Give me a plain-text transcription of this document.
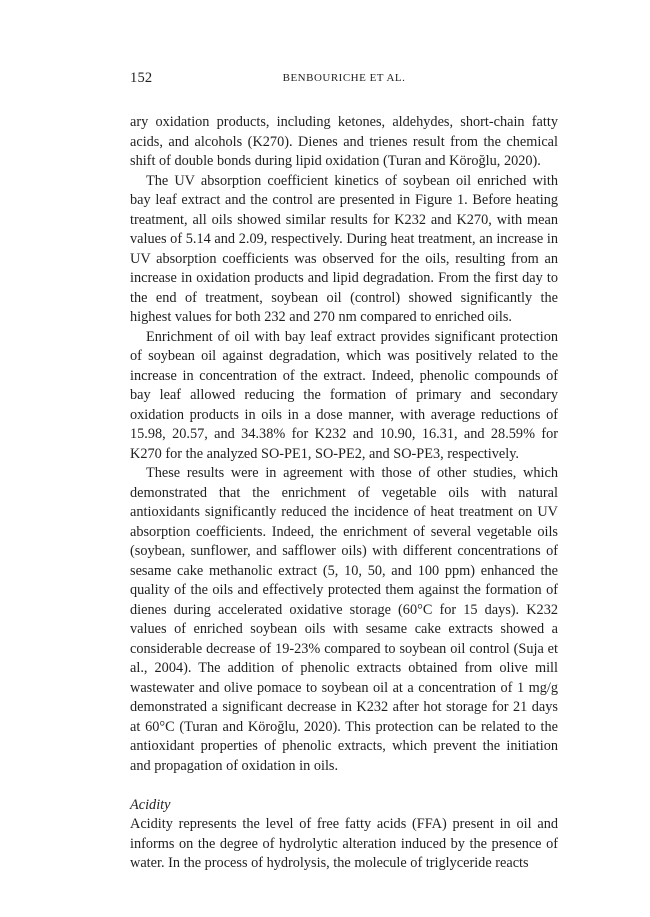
152	BENBOURICHE ET AL.

ary oxidation products, including ketones, aldehydes, short-chain fatty acids, and alcohols (K270). Dienes and trienes result from the chemical shift of double bonds during lipid oxidation (Turan and Köroğlu, 2020).

The UV absorption coefficient kinetics of soybean oil enriched with bay leaf extract and the control are presented in Figure 1. Before heating treatment, all oils showed similar results for K232 and K270, with mean values of 5.14 and 2.09, respectively. During heat treatment, an increase in UV absorption coefficients was observed for the oils, resulting from an increase in oxidation products and lipid degradation. From the first day to the end of treatment, soybean oil (control) showed significantly the highest values for both 232 and 270 nm compared to enriched oils.

Enrichment of oil with bay leaf extract provides significant protection of soybean oil against degradation, which was positively related to the increase in concentration of the extract. Indeed, phenolic compounds of bay leaf allowed reducing the formation of primary and secondary oxidation products in oils in a dose manner, with average reductions of 15.98, 20.57, and 34.38% for K232 and 10.90, 16.31, and 28.59% for K270 for the analyzed SO-PE1, SO-PE2, and SO-PE3, respectively.

These results were in agreement with those of other studies, which demonstrated that the enrichment of vegetable oils with natural antioxidants significantly reduced the incidence of heat treatment on UV absorption coefficients. Indeed, the enrichment of several vegetable oils (soybean, sunflower, and safflower oils) with different concentrations of sesame cake methanolic extract (5, 10, 50, and 100 ppm) enhanced the quality of the oils and effectively protected them against the formation of dienes during accelerated oxidative storage (60°C for 15 days). K232 values of enriched soybean oils with sesame cake extracts showed a considerable decrease of 19-23% compared to soybean oil control (Suja et al., 2004). The addition of phenolic extracts obtained from olive mill wastewater and olive pomace to soybean oil at a concentration of 1 mg/g demonstrated a significant decrease in K232 after hot storage for 21 days at 60°C (Turan and Köroğlu, 2020). This protection can be related to the antioxidant properties of phenolic extracts, which prevent the initiation and propagation of oxidation in oils.

Acidity

Acidity represents the level of free fatty acids (FFA) present in oil and informs on the degree of hydrolytic alteration induced by the presence of water. In the process of hydrolysis, the molecule of triglyceride reacts
